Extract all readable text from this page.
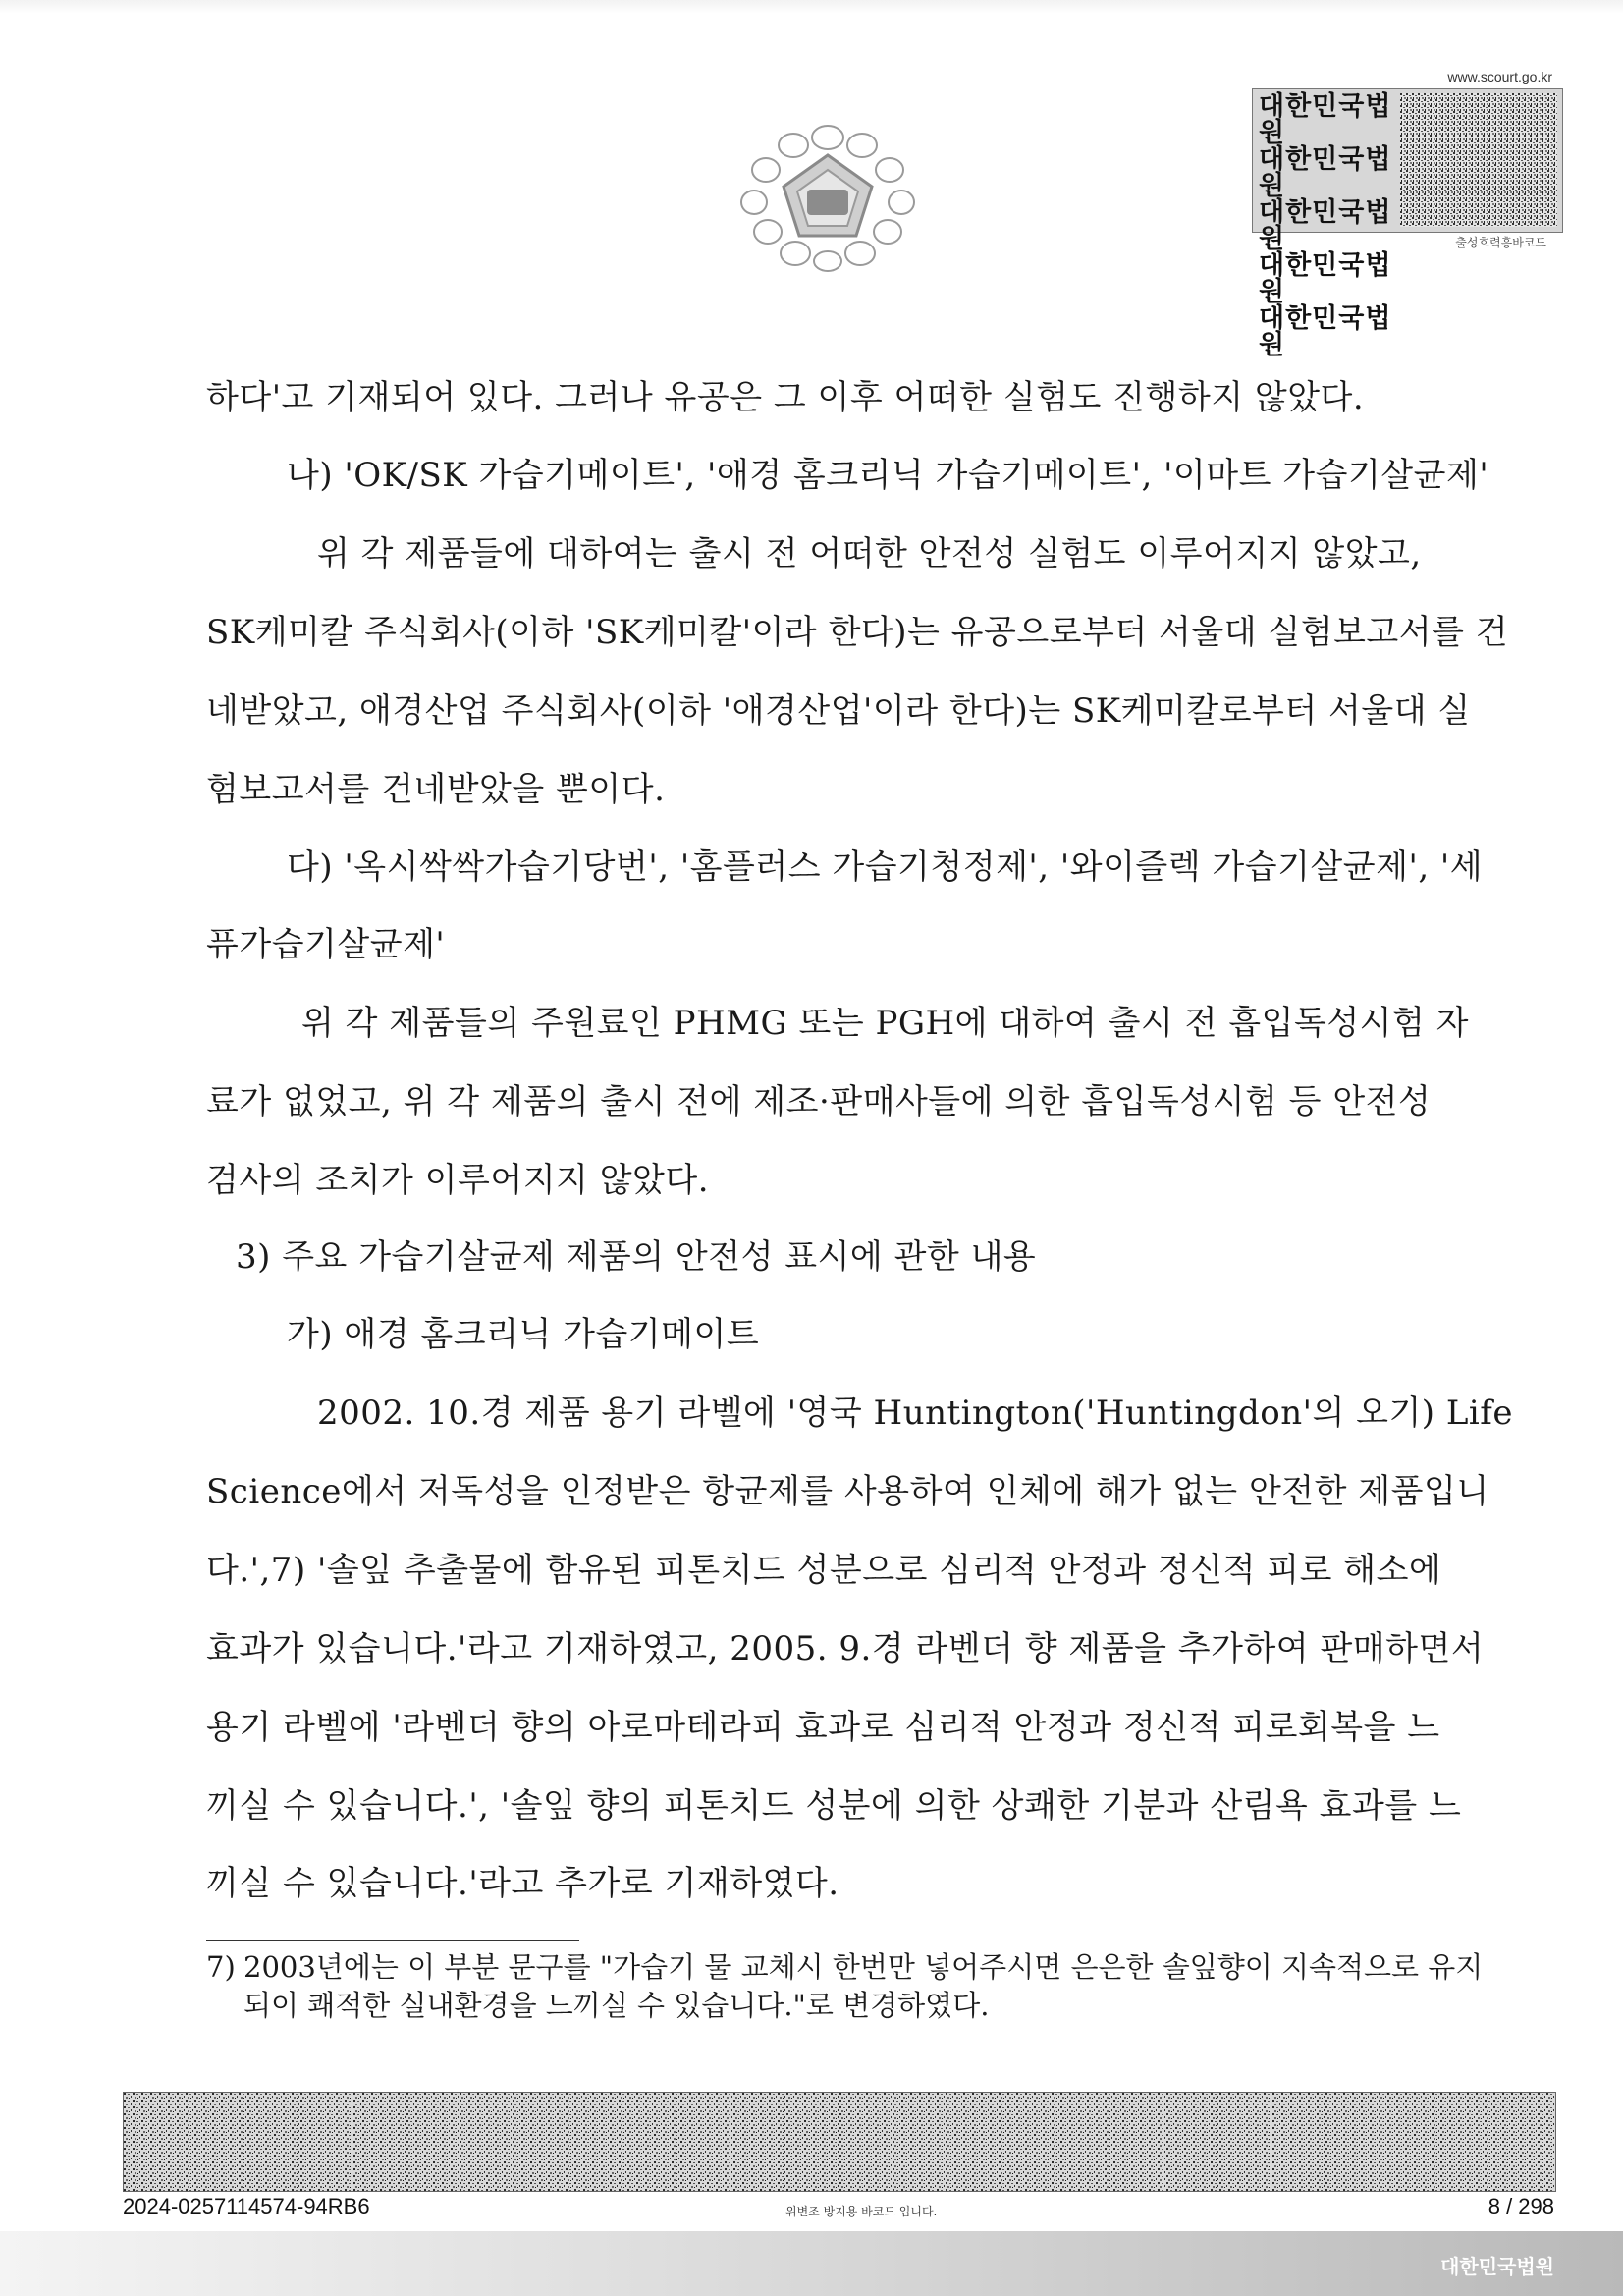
www.scourt.go.kr
대한민국법원
대한민국법원
대한민국법원
대한민국법원
대한민국법원
출성흐력흥바코드
하다'고 기재되어 있다. 그러나 유공은 그 이후 어떠한 실험도 진행하지 않았다.
나) 'OK/SK 가습기메이트', '애경 홈크리닉 가습기메이트', '이마트 가습기살균제'
위 각 제품들에 대하여는 출시 전 어떠한 안전성 실험도 이루어지지 않았고,
SK케미칼 주식회사(이하 'SK케미칼'이라 한다)는 유공으로부터 서울대 실험보고서를 건
네받았고, 애경산업 주식회사(이하 '애경산업'이라 한다)는 SK케미칼로부터 서울대 실
험보고서를 건네받았을 뿐이다.
다) '옥시싹싹가습기당번', '홈플러스 가습기청정제', '와이즐렉 가습기살균제', '세
퓨가습기살균제'
위 각 제품들의 주원료인 PHMG 또는 PGH에 대하여 출시 전 흡입독성시험 자
료가 없었고, 위 각 제품의 출시 전에 제조·판매사들에 의한 흡입독성시험 등 안전성
검사의 조치가 이루어지지 않았다.
3) 주요 가습기살균제 제품의 안전성 표시에 관한 내용
가) 애경 홈크리닉 가습기메이트
2002. 10.경 제품 용기 라벨에 '영국 Huntington('Huntingdon'의 오기) Life
Science에서 저독성을 인정받은 항균제를 사용하여 인체에 해가 없는 안전한 제품입니
다.',7) '솔잎 추출물에 함유된 피톤치드 성분으로 심리적 안정과 정신적 피로 해소에
효과가 있습니다.'라고 기재하였고, 2005. 9.경 라벤더 향 제품을 추가하여 판매하면서
용기 라벨에 '라벤더 향의 아로마테라피 효과로 심리적 안정과 정신적 피로회복을 느
끼실 수 있습니다.', '솔잎 향의 피톤치드 성분에 의한 상쾌한 기분과 산림욕 효과를 느
끼실 수 있습니다.'라고 추가로 기재하였다.
7) 2003년에는 이 부분 문구를 "가습기 물 교체시 한번만 넣어주시면 은은한 솔잎향이 지속적으로 유지
되이 쾌적한 실내환경을 느끼실 수 있습니다."로 변경하였다.
2024-0257114574-94RB6	위변조 방지용 바코드 입니다.	8 / 298
대한민국법원
